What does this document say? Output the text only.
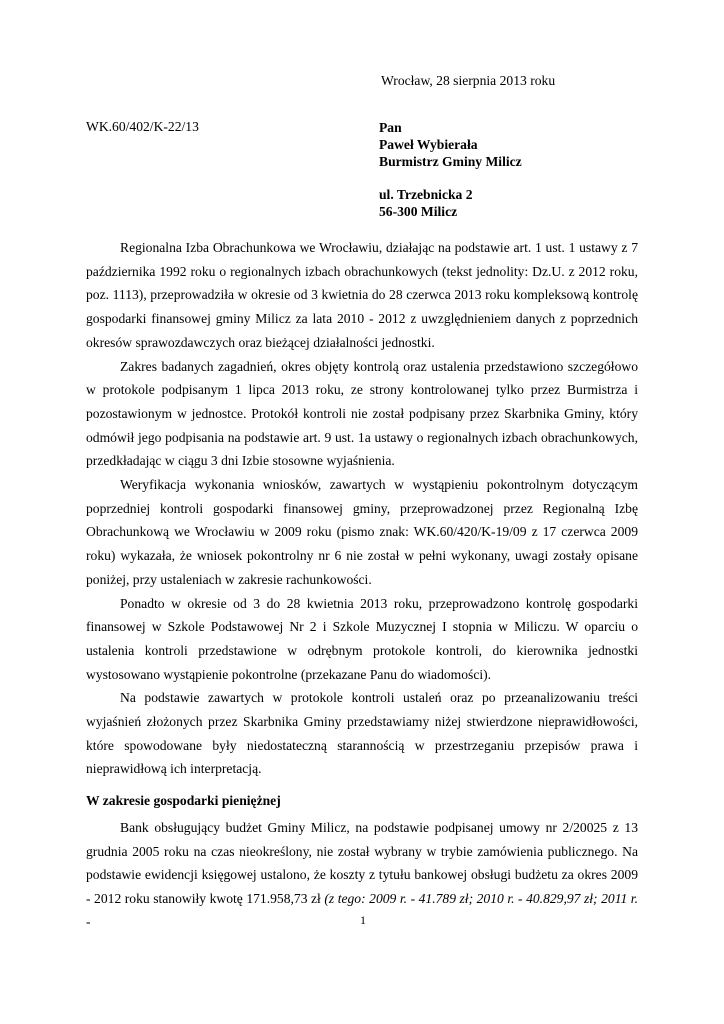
Wrocław, 28 sierpnia 2013 roku
WK.60/402/K-22/13	Pan
Paweł Wybierała
Burmistrz Gminy Milicz
ul. Trzebnicka 2
56-300 Milicz

Regionalna Izba Obrachunkowa we Wrocławiu, działając na podstawie art. 1 ust. 1 ustawy z 7 października 1992 roku o regionalnych izbach obrachunkowych (tekst jednolity: Dz.U. z 2012 roku, poz. 1113), przeprowadziła w okresie od 3 kwietnia do 28 czerwca 2013 roku kompleksową kontrolę gospodarki finansowej gminy Milicz za lata 2010 - 2012 z uwzględnieniem danych z poprzednich okresów sprawozdawczych oraz bieżącej działalności jednostki.

Zakres badanych zagadnień, okres objęty kontrolą oraz ustalenia przedstawiono szczegółowo w protokole podpisanym 1 lipca 2013 roku, ze strony kontrolowanej tylko przez Burmistrza i pozostawionym w jednostce. Protokół kontroli nie został podpisany przez Skarbnika Gminy, który odmówił jego podpisania na podstawie art. 9 ust. 1a ustawy o regionalnych izbach obrachunkowych, przedkładając w ciągu 3 dni Izbie stosowne wyjaśnienia.

Weryfikacja wykonania wniosków, zawartych w wystąpieniu pokontrolnym dotyczącym poprzedniej kontroli gospodarki finansowej gminy, przeprowadzonej przez Regionalną Izbę Obrachunkową we Wrocławiu w 2009 roku (pismo znak: WK.60/420/K-19/09 z 17 czerwca 2009 roku) wykazała, że wniosek pokontrolny nr 6 nie został w pełni wykonany, uwagi zostały opisane poniżej, przy ustaleniach w zakresie rachunkowości.

Ponadto w okresie od 3 do 28 kwietnia 2013 roku, przeprowadzono kontrolę gospodarki finansowej w Szkole Podstawowej Nr 2 i Szkole Muzycznej I stopnia w Miliczu. W oparciu o ustalenia kontroli przedstawione w odrębnym protokole kontroli, do kierownika jednostki wystosowano wystąpienie pokontrolne (przekazane Panu do wiadomości).

Na podstawie zawartych w protokole kontroli ustaleń oraz po przeanalizowaniu treści wyjaśnień złożonych przez Skarbnika Gminy przedstawiamy niżej stwierdzone nieprawidłowości, które spowodowane były niedostateczną starannością w przestrzeganiu przepisów prawa i nieprawidłową ich interpretacją.

W zakresie gospodarki pieniężnej

Bank obsługujący budżet Gminy Milicz, na podstawie podpisanej umowy nr 2/20025 z 13 grudnia 2005 roku na czas nieokreślony, nie został wybrany w trybie zamówienia publicznego. Na podstawie ewidencji księgowej ustalono, że koszty z tytułu bankowej obsługi budżetu za okres 2009 - 2012 roku stanowiły kwotę 171.958,73 zł (z tego: 2009 r. - 41.789 zł; 2010 r. - 40.829,97 zł; 2011 r. -	1
